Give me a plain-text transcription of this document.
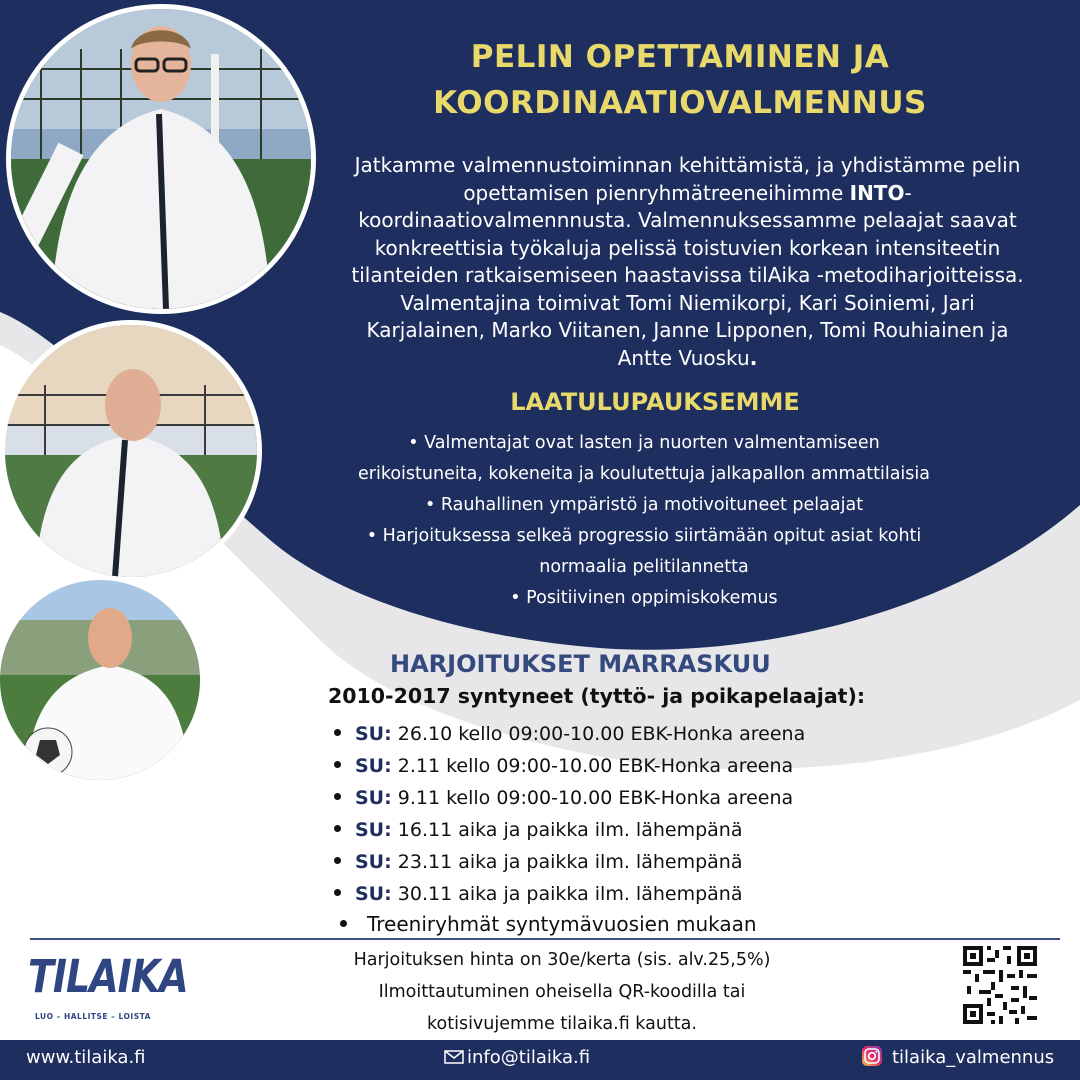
PELIN OPETTAMINEN JA
KOORDINAATIOVALMENNUS
Jatkamme valmennustoiminnan kehittämistä, ja yhdistämme pelin opettamisen pienryhmätreeneihimme INTO-koordinaatiovalmennnusta. Valmennuksessamme pelaajat saavat konkreettisia työkaluja pelissä toistuvien korkean intensiteetin tilanteiden ratkaisemiseen haastavissa tilAika -metodiharjoitteissa. Valmentajina toimivat Tomi Niemikorpi, Kari Soiniemi, Jari Karjalainen, Marko Viitanen, Janne Lipponen, Tomi Rouhiainen ja Antte Vuosku.
LAATULUPAUKSEMME
• Valmentajat ovat lasten ja nuorten valmentamiseen
erikoistuneita, kokeneita ja koulutettuja jalkapallon ammattilaisia
• Rauhallinen ympäristö ja motivoituneet pelaajat
• Harjoituksessa selkeä progressio siirtämään opitut asiat kohti
normaalia pelitilannetta
• Positiivinen oppimiskokemus
HARJOITUKSET MARRASKUU
2010-2017 syntyneet (tyttö- ja poikapelaajat):
SU: 26.10 kello 09:00-10.00 EBK-Honka areena
SU: 2.11 kello 09:00-10.00 EBK-Honka areena
SU: 9.11 kello 09:00-10.00 EBK-Honka areena
SU: 16.11 aika ja paikka ilm. lähempänä
SU: 23.11 aika ja paikka ilm. lähempänä
SU: 30.11 aika ja paikka ilm. lähempänä
Treeniryhmät syntymävuosien mukaan
TILAIKA
LUO – HALLITSE – LOISTA
Harjoituksen hinta on 30e/kerta (sis. alv.25,5%)
Ilmoittautuminen oheisella QR-koodilla tai
kotisivujemme tilaika.fi kautta.
www.tilaika.fi	info@tilaika.fi	tilaika_valmennus
